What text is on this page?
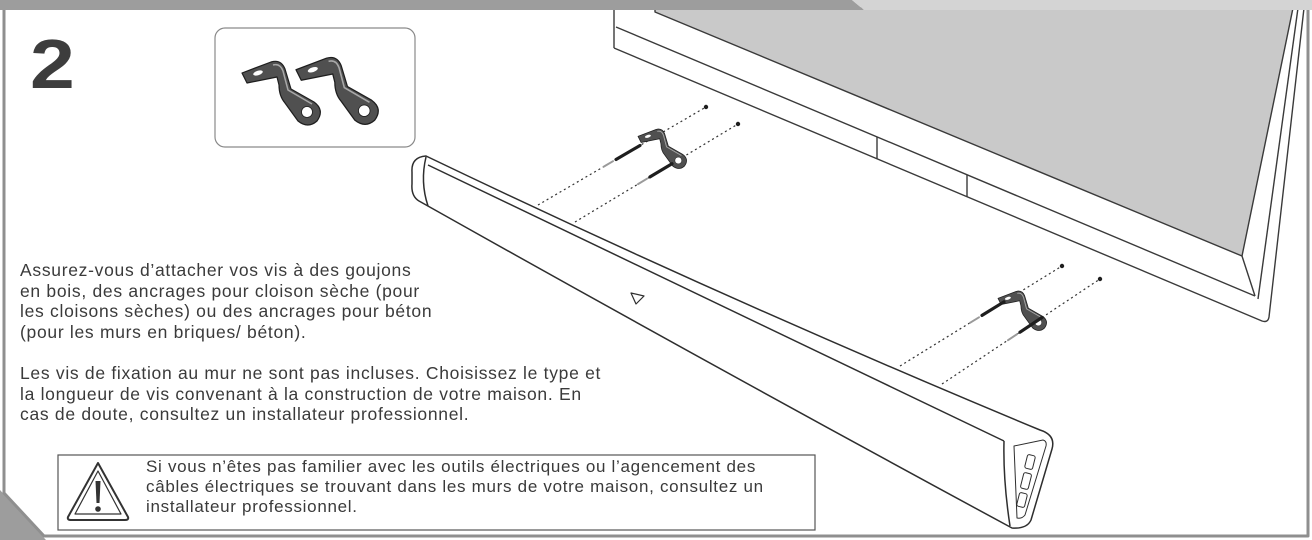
2
Assurez-vous d’attacher vos vis à des goujons
en bois, des ancrages pour cloison sèche (pour
les cloisons sèches) ou des ancrages pour béton
(pour les murs en briques/ béton).
Les vis de fixation au mur ne sont pas incluses. Choisissez le type et
la longueur de vis convenant à la construction de votre maison. En
cas de doute, consultez un installateur professionnel.
Si vous n’êtes pas familier avec les outils électriques ou l’agencement des
câbles électriques se trouvant dans les murs de votre maison, consultez un
installateur professionnel.
